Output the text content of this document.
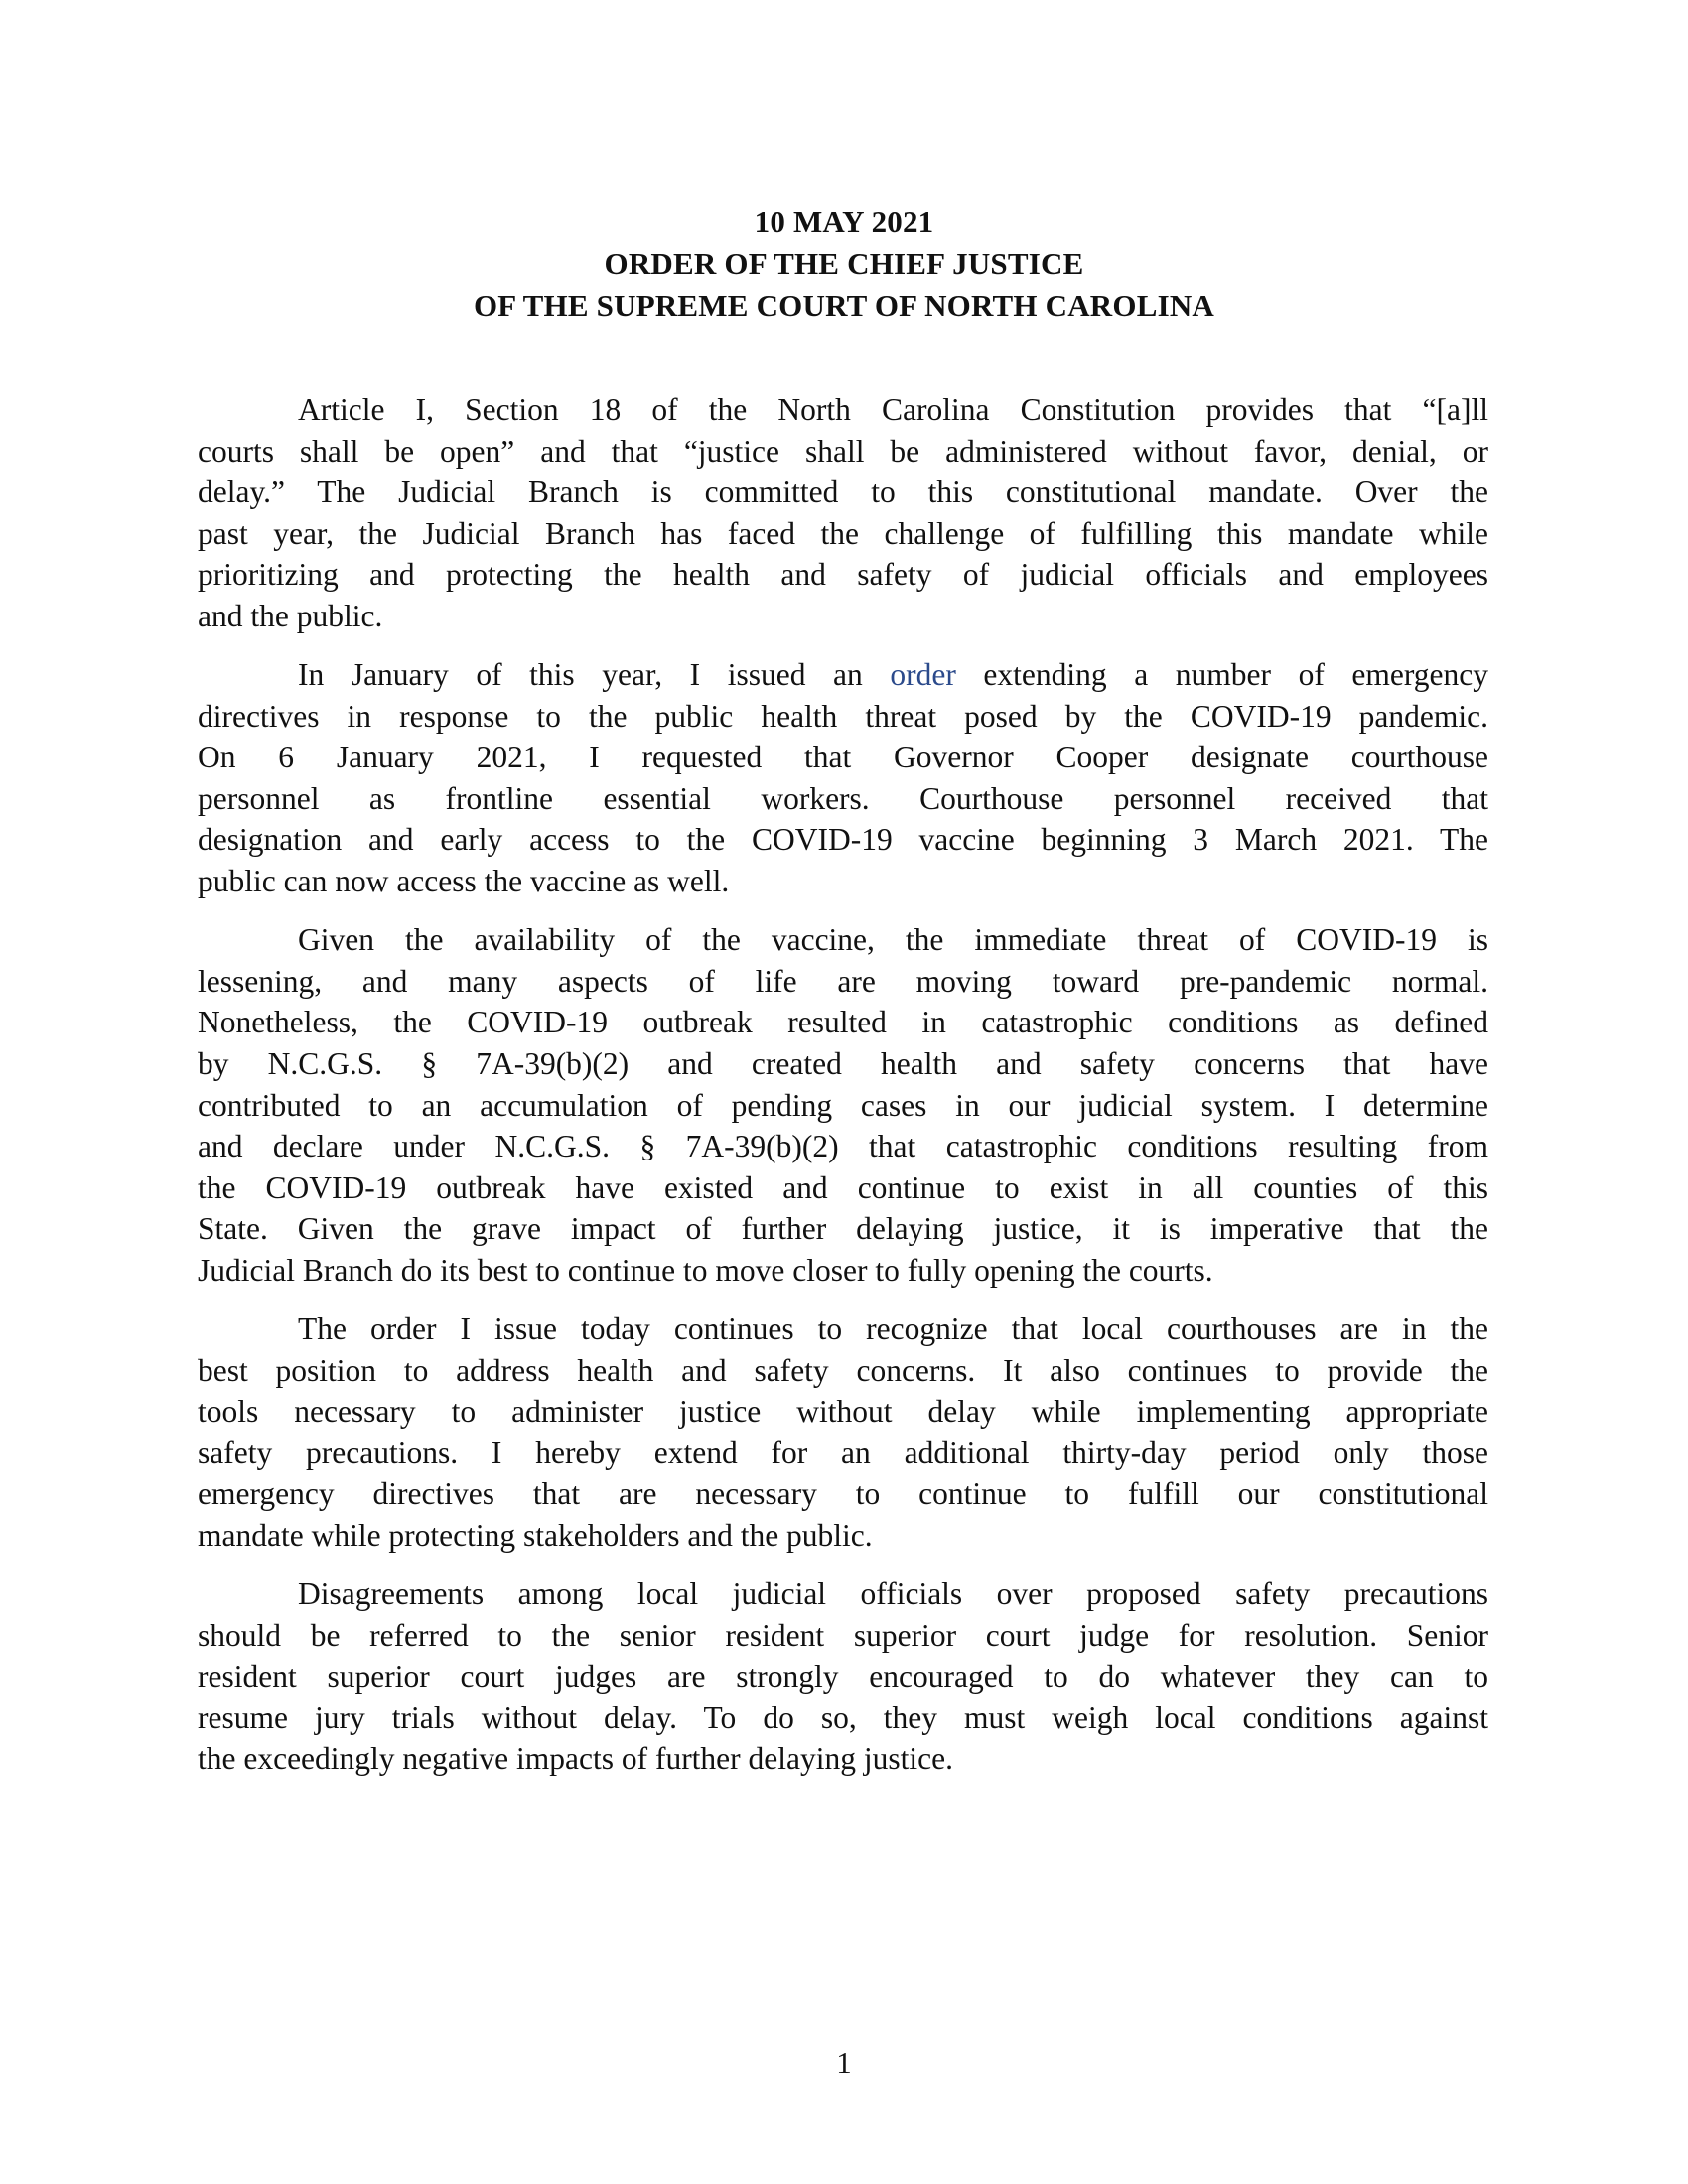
10 MAY 2021
ORDER OF THE CHIEF JUSTICE
OF THE SUPREME COURT OF NORTH CAROLINA
Article I, Section 18 of the North Carolina Constitution provides that “[a]ll
courts shall be open” and that “justice shall be administered without favor, denial, or
delay.” The Judicial Branch is committed to this constitutional mandate. Over the
past year, the Judicial Branch has faced the challenge of fulfilling this mandate while
prioritizing and protecting the health and safety of judicial officials and employees
and the public.
In January of this year, I issued an order extending a number of emergency
directives in response to the public health threat posed by the COVID-19 pandemic.
On 6 January 2021, I requested that Governor Cooper designate courthouse
personnel as frontline essential workers. Courthouse personnel received that
designation and early access to the COVID-19 vaccine beginning 3 March 2021. The
public can now access the vaccine as well.
Given the availability of the vaccine, the immediate threat of COVID-19 is
lessening, and many aspects of life are moving toward pre-pandemic normal.
Nonetheless, the COVID-19 outbreak resulted in catastrophic conditions as defined
by N.C.G.S. § 7A-39(b)(2) and created health and safety concerns that have
contributed to an accumulation of pending cases in our judicial system. I determine
and declare under N.C.G.S. § 7A-39(b)(2) that catastrophic conditions resulting from
the COVID-19 outbreak have existed and continue to exist in all counties of this
State. Given the grave impact of further delaying justice, it is imperative that the
Judicial Branch do its best to continue to move closer to fully opening the courts.
The order I issue today continues to recognize that local courthouses are in the
best position to address health and safety concerns. It also continues to provide the
tools necessary to administer justice without delay while implementing appropriate
safety precautions. I hereby extend for an additional thirty-day period only those
emergency directives that are necessary to continue to fulfill our constitutional
mandate while protecting stakeholders and the public.
Disagreements among local judicial officials over proposed safety precautions
should be referred to the senior resident superior court judge for resolution. Senior
resident superior court judges are strongly encouraged to do whatever they can to
resume jury trials without delay. To do so, they must weigh local conditions against
the exceedingly negative impacts of further delaying justice.
1
